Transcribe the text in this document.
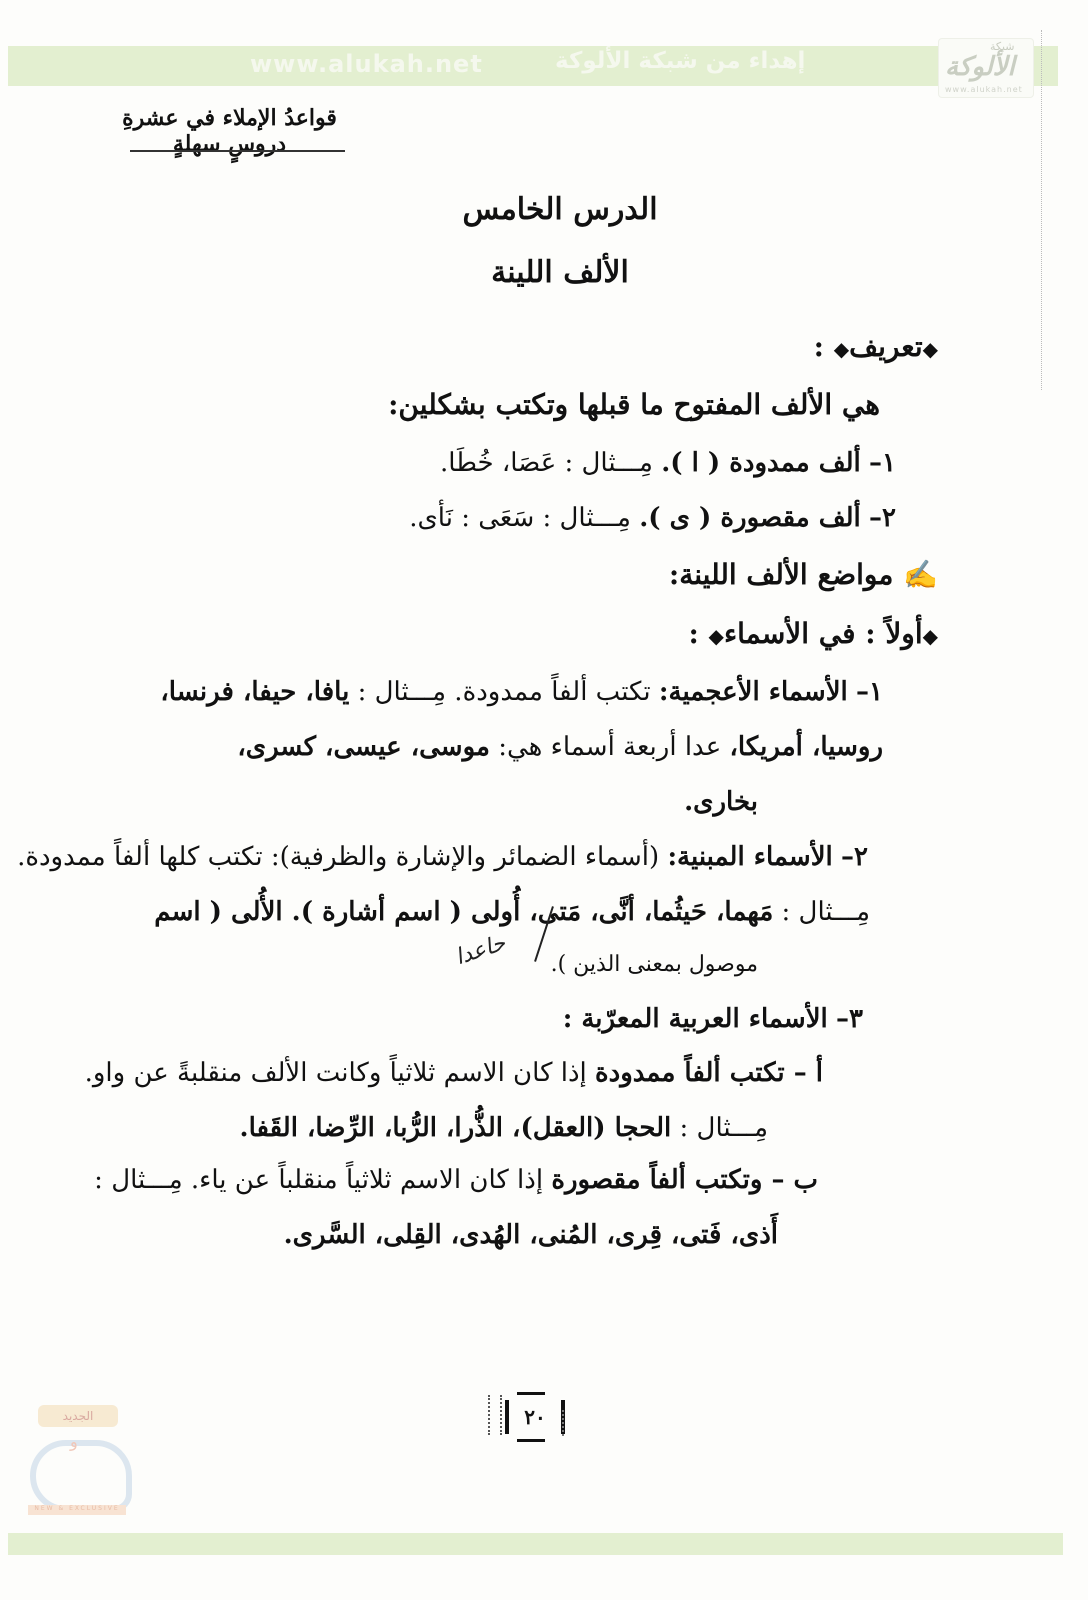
www.alukah.net	إهداء من شبكة الألوكة
شبكة
الألوكة
www.alukah.net
قواعدُ الإملاء في عشرةِ دروسٍ سهلةٍ
الدرس الخامس
الألف اللينة
◆تعريف◆ :
هي الألف المفتوح ما قبلها وتكتب بشكلين:
١– ألف ممدودة ( ا ). مِـــثال : عَصَا، خُطَا.
٢– ألف مقصورة ( ى ). مِـــثال : سَعَى : نَأى.
✍ مواضع الألف اللينة:
◆أولاً : في الأسماء◆ :
١– الأسماء الأعجمية: تكتب ألفاً ممدودة. مِـــثال : يافا، حيفا، فرنسا،
روسيا، أمريكا، عدا أربعة أسماء هي: موسى، عيسى، كسرى،
بخارى.
٢– الأسماء المبنية: (أسماء الضمائر والإشارة والظرفية): تكتب كلها ألفاً ممدودة.
مِـــثال : مَهما، حَيثُما، أنَّى، مَتى، أُولى ( اسم أشارة ). الأُلى ( اسم
موصول بمعنى الذين ).
حاعدا
٣– الأسماء العربية المعرّبة :
أ – تكتب ألفاً ممدودة إذا كان الاسم ثلاثياً وكانت الألف منقلبةً عن واو.
مِـــثال : الحجا (العقل)، الذُّرا، الرُّبا، الرِّضا، القَفا.
ب – وتكتب ألفاً مقصورة إذا كان الاسم ثلاثياً منقلباً عن ياء. مِـــثال :
أَذى، فَتى، قِرى، المُنى، الهُدى، القِلى، السَّرى.
٢٠
الجديد
و
NEW & EXCLUSIVE
